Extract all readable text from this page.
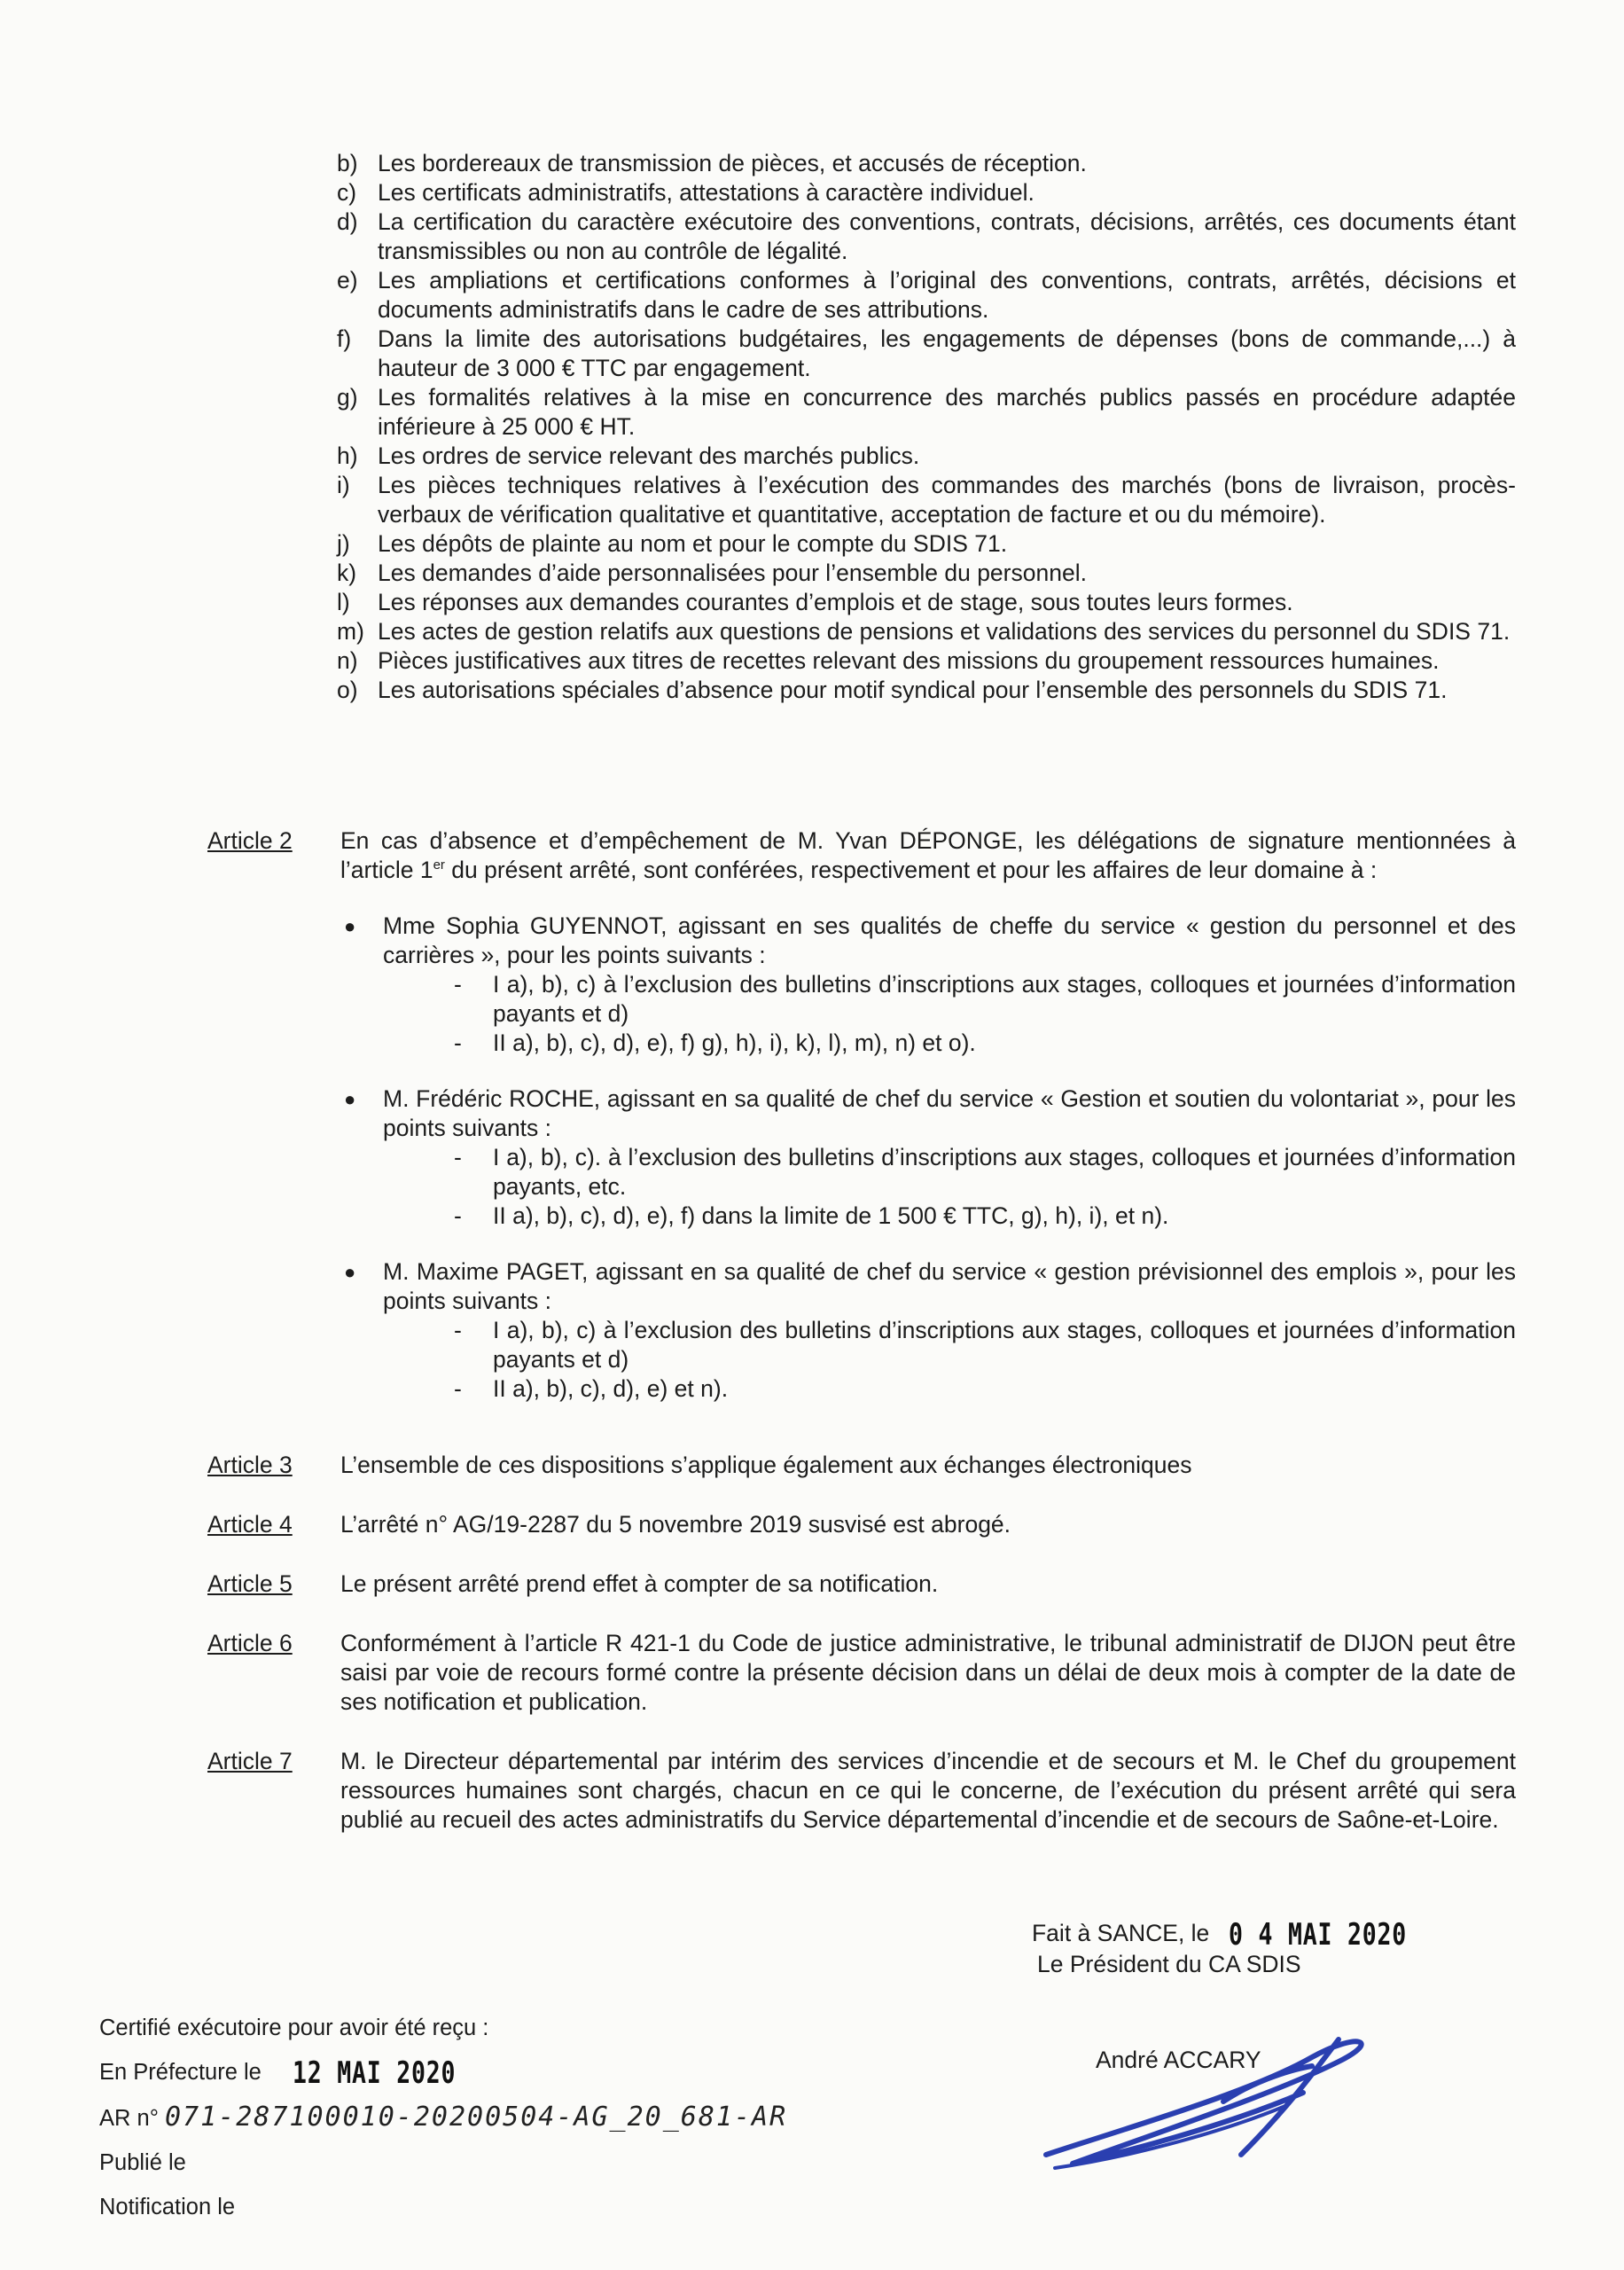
b) Les bordereaux de transmission de pièces, et accusés de réception.
c) Les certificats administratifs, attestations à caractère individuel.
d) La certification du caractère exécutoire des conventions, contrats, décisions, arrêtés, ces documents étant transmissibles ou non au contrôle de légalité.
e) Les ampliations et certifications conformes à l’original des conventions, contrats, arrêtés, décisions et documents administratifs dans le cadre de ses attributions.
f)	Dans la limite des autorisations budgétaires, les engagements de dépenses (bons de commande,...) à hauteur de 3 000 € TTC par engagement.
g) Les formalités relatives à la mise en concurrence des marchés publics passés en procédure adaptée inférieure à 25 000 € HT.
h) Les ordres de service relevant des marchés publics.
i)	Les pièces techniques relatives à l’exécution des commandes des marchés (bons de livraison, procès-verbaux de vérification qualitative et quantitative, acceptation de facture et ou du mémoire).
j)	Les dépôts de plainte au nom et pour le compte du SDIS 71.
k) Les demandes d’aide personnalisées pour l’ensemble du personnel.
l)	Les réponses aux demandes courantes d’emplois et de stage, sous toutes leurs formes.
m) Les actes de gestion relatifs aux questions de pensions et validations des services du personnel du SDIS 71.
n) Pièces justificatives aux titres de recettes relevant des missions du groupement ressources humaines.
o) Les autorisations spéciales d’absence pour motif syndical pour l’ensemble des personnels du SDIS 71.
Article 2	En cas d’absence et d’empêchement de M. Yvan DÉPONGE, les délégations de signature mentionnées à l’article 1er du présent arrêté, sont conférées, respectivement et pour les affaires de leur domaine à :
●	Mme Sophia GUYENNOT, agissant en ses qualités de cheffe du service « gestion du personnel et des carrières », pour les points suivants :
-	I a), b), c) à l’exclusion des bulletins d’inscriptions aux stages, colloques et journées d’information payants et d)
-	II a), b), c), d), e), f) g), h), i), k), l), m), n) et o).
●	M. Frédéric ROCHE, agissant en sa qualité de chef du service « Gestion et soutien du volontariat », pour les points suivants :
-	I a), b), c). à l’exclusion des bulletins d’inscriptions aux stages, colloques et journées d’information payants, etc.
-	II a), b), c), d), e), f) dans la limite de 1 500 € TTC, g), h), i), et n).
●	M. Maxime PAGET, agissant en sa qualité de chef du service « gestion prévisionnel des emplois », pour les points suivants :
-	I a), b), c) à l’exclusion des bulletins d’inscriptions aux stages, colloques et journées d’information payants et d)
-	II a), b), c), d), e) et n).
Article 3	L’ensemble de ces dispositions s’applique également aux échanges électroniques
Article 4	L’arrêté n° AG/19-2287 du 5 novembre 2019 susvisé est abrogé.
Article 5	Le présent arrêté prend effet à compter de sa notification.
Article 6	Conformément à l’article R 421-1 du Code de justice administrative, le tribunal administratif de DIJON peut être saisi par voie de recours formé contre la présente décision dans un délai de deux mois à compter de la date de ses notification et publication.
Article 7	M. le Directeur départemental par intérim des services d’incendie et de secours et M. le Chef du groupement ressources humaines sont chargés, chacun en ce qui le concerne, de l’exécution du présent arrêté qui sera publié au recueil des actes administratifs du Service départemental d’incendie et de secours de Saône-et-Loire.
Fait à SANCE, le 0 4 MAI 2020
Le Président du CA SDIS
André ACCARY
Certifié exécutoire pour avoir été reçu :
En Préfecture le 12 MAI 2020
AR n° 071-287100010-20200504-AG_20_681-AR
Publié le
Notification le
